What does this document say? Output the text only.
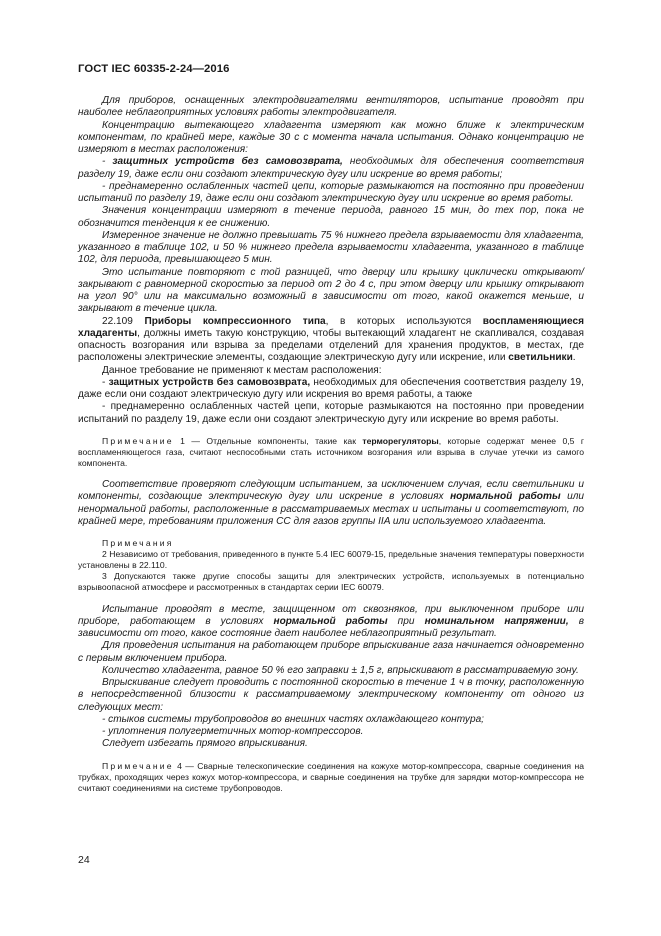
ГОСТ IEC 60335-2-24—2016

Для приборов, оснащенных электродвигателями вентиляторов, испытание проводят при наиболее неблагоприятных условиях работы электродвигателя.

Концентрацию вытекающего хладагента измеряют как можно ближе к электрическим компонентам, по крайней мере, каждые 30 с с момента начала испытания. Однако концентрацию не измеряют в местах расположения:

- защитных устройств без самовозврата, необходимых для обеспечения соответствия разделу 19, даже если они создают электрическую дугу или искрение во время работы;

- преднамеренно ослабленных частей цепи, которые размыкаются на постоянно при проведении испытаний по разделу 19, даже если они создают электрическую дугу или искрение во время работы.

Значения концентрации измеряют в течение периода, равного 15 мин, до тех пор, пока не обозначится тенденция к ее снижению.

Измеренное значение не должно превышать 75 % нижнего предела взрываемости для хладагента, указанного в таблице 102, и 50 % нижнего предела взрываемости хладагента, указанного в таблице 102, для периода, превышающего 5 мин.

Это испытание повторяют с той разницей, что дверцу или крышку циклически открывают/закрывают с равномерной скоростью за период от 2 до 4 с, при этом дверцу или крышку открывают на угол 90° или на максимально возможный в зависимости от того, какой окажется меньше, и закрывают в течение цикла.

22.109 Приборы компрессионного типа, в которых используются воспламеняющиеся хладагенты, должны иметь такую конструкцию, чтобы вытекающий хладагент не скапливался, создавая опасность возгорания или взрыва за пределами отделений для хранения продуктов, в местах, где расположены электрические элементы, создающие электрическую дугу или искрение, или светильники.

Данное требование не применяют к местам расположения:

- защитных устройств без самовозврата, необходимых для обеспечения соответствия разделу 19, даже если они создают электрическую дугу или искрения во время работы, а также

- преднамеренно ослабленных частей цепи, которые размыкаются на постоянно при проведении испытаний по разделу 19, даже если они создают электрическую дугу или искрение во время работы.

Примечание 1 — Отдельные компоненты, такие как терморегуляторы, которые содержат менее 0,5 г воспламеняющегося газа, считают неспособными стать источником возгорания или взрыва в случае утечки из самого компонента.

Соответствие проверяют следующим испытанием, за исключением случая, если светильники и компоненты, создающие электрическую дугу или искрение в условиях нормальной работы или ненормальной работы, расположенные в рассматриваемых местах и испытаны и соответствуют, по крайней мере, требованиям приложения СС для газов группы IIA или используемого хладагента.

Примечания

2 Независимо от требования, приведенного в пункте 5.4 IEC 60079-15, предельные значения температуры поверхности установлены в 22.110.

3 Допускаются также другие способы защиты для электрических устройств, используемых в потенциально взрывоопасной атмосфере и рассмотренных в стандартах серии IEC 60079.

Испытание проводят в месте, защищенном от сквозняков, при выключенном приборе или приборе, работающем в условиях нормальной работы при номинальном напряжении, в зависимости от того, какое состояние дает наиболее неблагоприятный результат.

Для проведения испытания на работающем приборе впрыскивание газа начинается одновременно с первым включением прибора.

Количество хладагента, равное 50 % его заправки ± 1,5 г, впрыскивают в рассматриваемую зону.

Впрыскивание следует проводить с постоянной скоростью в течение 1 ч в точку, расположенную в непосредственной близости к рассматриваемому электрическому компоненту от одного из следующих мест:

- стыков системы трубопроводов во внешних частях охлаждающего контура;

- уплотнения полугерметичных мотор-компрессоров.

Следует избегать прямого впрыскивания.

Примечание 4 — Сварные телескопические соединения на кожухе мотор-компрессора, сварные соединения на трубках, проходящих через кожух мотор-компрессора, и сварные соединения на трубке для зарядки мотор-компрессора не считают соединениями на системе трубопроводов.

24
